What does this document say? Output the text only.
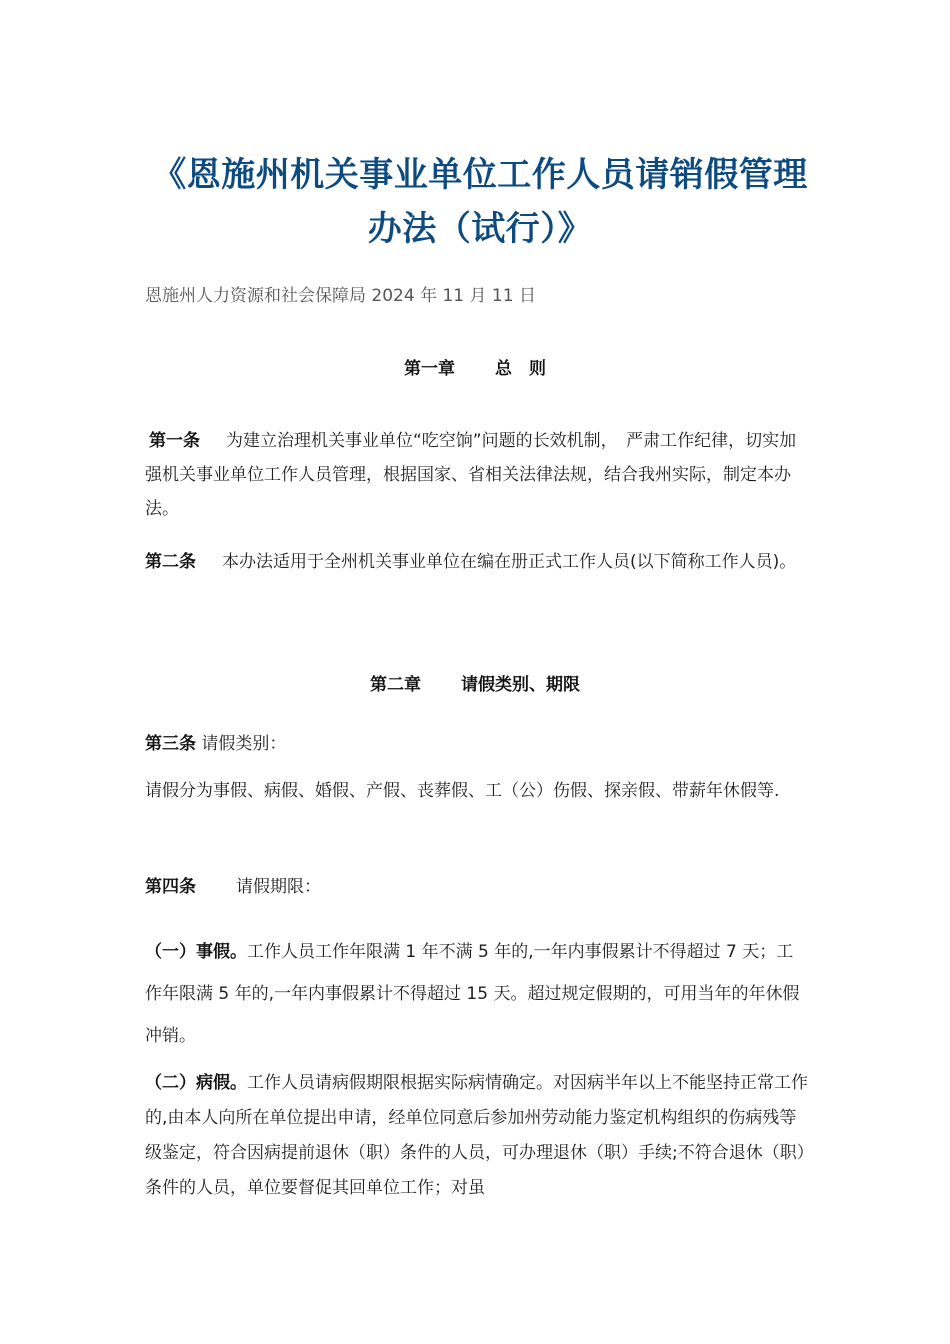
《恩施州机关事业单位工作人员请销假管理办法（试行）》
恩施州人力资源和社会保障局 2024 年 11 月 11 日
第一章 总　则
第一条 为建立治理机关事业单位“吃空饷”问题的长效机制，　严肃工作纪律，切实加强机关事业单位工作人员管理，根据国家、省相关法律法规，结合我州实际，制定本办法。
第二条 本办法适用于全州机关事业单位在编在册正式工作人员(以下简称工作人员)。
第二章 请假类别、期限
第三条 请假类别：
请假分为事假、病假、婚假、产假、丧葬假、工（公）伤假、探亲假、带薪年休假等.
第四条 请假期限：
（一）事假。工作人员工作年限满 1 年不满 5 年的,一年内事假累计不得超过 7 天；工作年限满 5 年的,一年内事假累计不得超过 15 天。超过规定假期的，可用当年的年休假冲销。
（二）病假。工作人员请病假期限根据实际病情确定。对因病半年以上不能坚持正常工作的,由本人向所在单位提出申请，经单位同意后参加州劳动能力鉴定机构组织的伤病残等级鉴定，符合因病提前退休（职）条件的人员，可办理退休（职）手续;不符合退休（职）条件的人员，单位要督促其回单位工作；对虽
